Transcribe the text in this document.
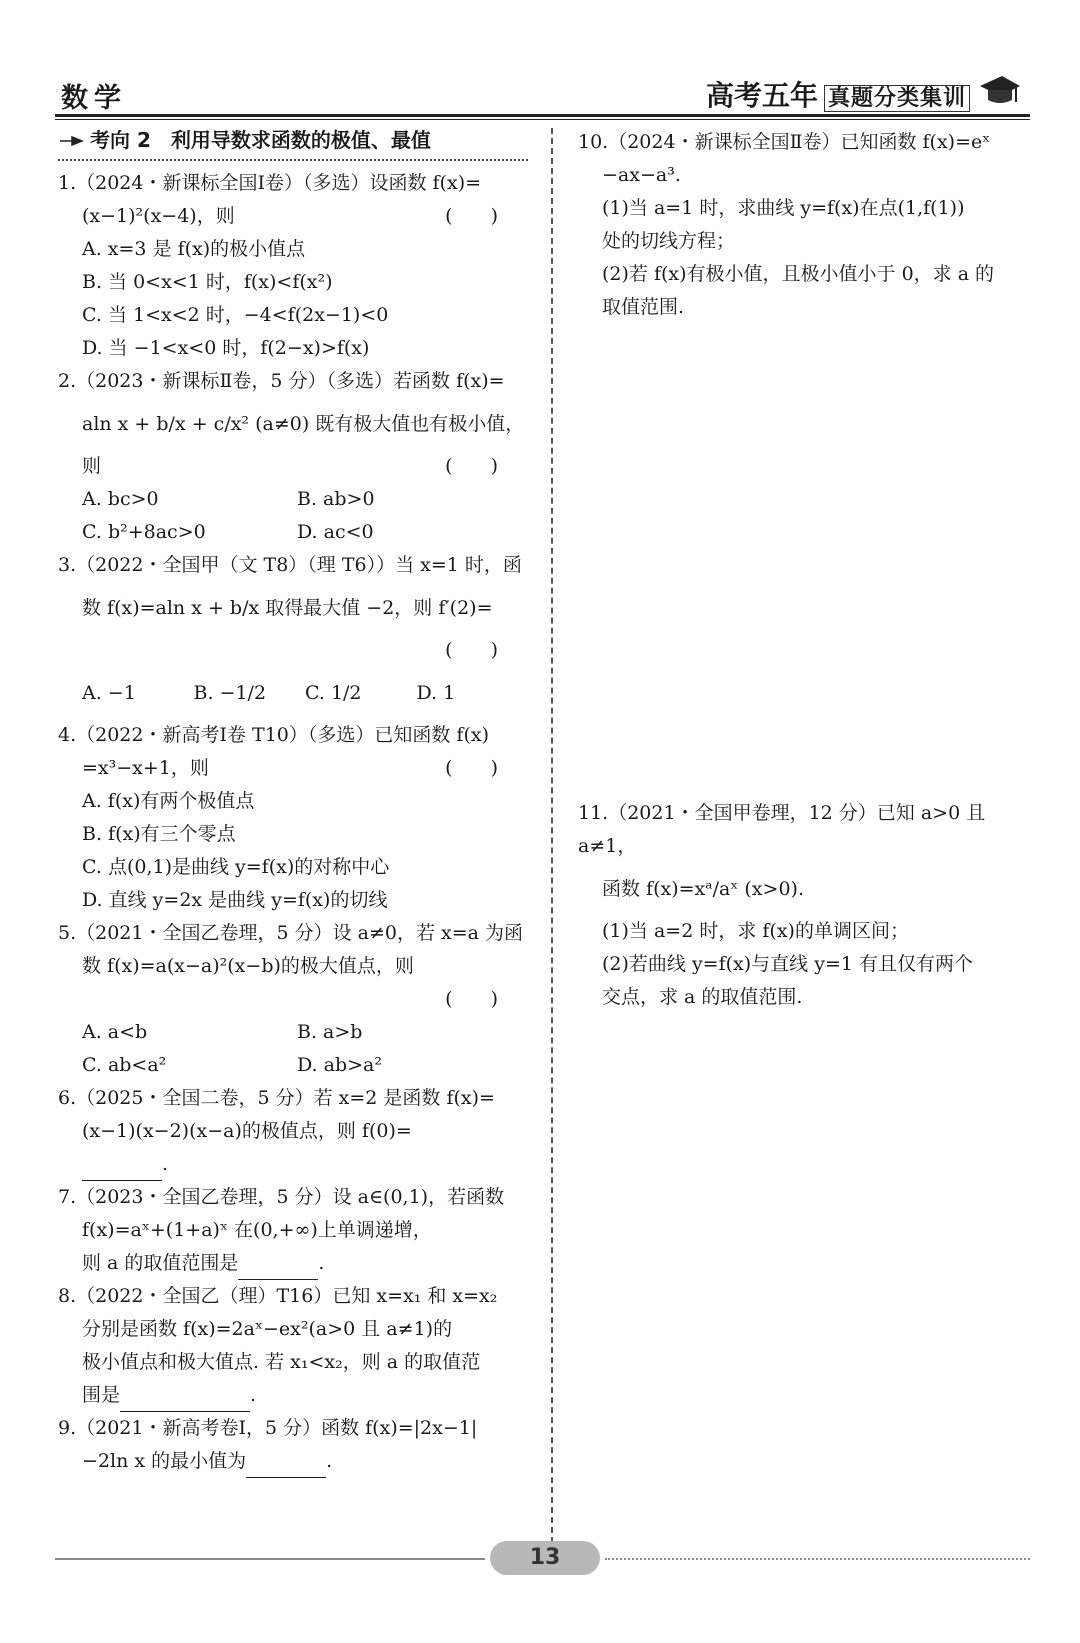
数学	高考五年 真题分类集训
考向 2　利用导数求函数的极值、最值
1.（2024・新课标全国Ⅰ卷）（多选）设函数 f(x)=
(x−1)²(x−4)，则	(　　)
A. x=3 是 f(x)的极小值点
B. 当 0<x<1 时，f(x)<f(x²)
C. 当 1<x<2 时，−4<f(2x−1)<0
D. 当 −1<x<0 时，f(2−x)>f(x)
2.（2023・新课标Ⅱ卷，5 分）（多选）若函数 f(x)=
aln x + b/x + c/x² (a≠0) 既有极大值也有极小值，
则	(　　)
A. bc>0	B. ab>0
C. b²+8ac>0	D. ac<0
3.（2022・全国甲（文 T8）（理 T6））当 x=1 时，函
数 f(x)=aln x + b/x 取得最大值 −2，则 f′(2)=
(　　)
A. −1	B. −1/2	C. 1/2	D. 1
4.（2022・新高考Ⅰ卷 T10）（多选）已知函数 f(x)
=x³−x+1，则	(　　)
A. f(x)有两个极值点
B. f(x)有三个零点
C. 点(0,1)是曲线 y=f(x)的对称中心
D. 直线 y=2x 是曲线 y=f(x)的切线
5.（2021・全国乙卷理，5 分）设 a≠0，若 x=a 为函
数 f(x)=a(x−a)²(x−b)的极大值点，则
(　　)
A. a<b	B. a>b
C. ab<a²	D. ab>a²
6.（2025・全国二卷，5 分）若 x=2 是函数 f(x)=
(x−1)(x−2)(x−a)的极值点，则 f(0)=
.
7.（2023・全国乙卷理，5 分）设 a∈(0,1)，若函数
f(x)=aˣ+(1+a)ˣ 在(0,+∞)上单调递增，
则 a 的取值范围是	.
8.（2022・全国乙（理）T16）已知 x=x₁ 和 x=x₂
分别是函数 f(x)=2aˣ−ex²(a>0 且 a≠1)的
极小值点和极大值点. 若 x₁<x₂，则 a 的取值范
围是	.
9.（2021・新高考卷Ⅰ，5 分）函数 f(x)=|2x−1|
−2ln x 的最小值为	.
10.（2024・新课标全国Ⅱ卷）已知函数 f(x)=eˣ
−ax−a³.
(1)当 a=1 时，求曲线 y=f(x)在点(1,f(1))
处的切线方程；
(2)若 f(x)有极小值，且极小值小于 0，求 a 的
取值范围.
11.（2021・全国甲卷理，12 分）已知 a>0 且 a≠1，
函数 f(x)=xᵃ/aˣ (x>0).
(1)当 a=2 时，求 f(x)的单调区间；
(2)若曲线 y=f(x)与直线 y=1 有且仅有两个
交点，求 a 的取值范围.
13
